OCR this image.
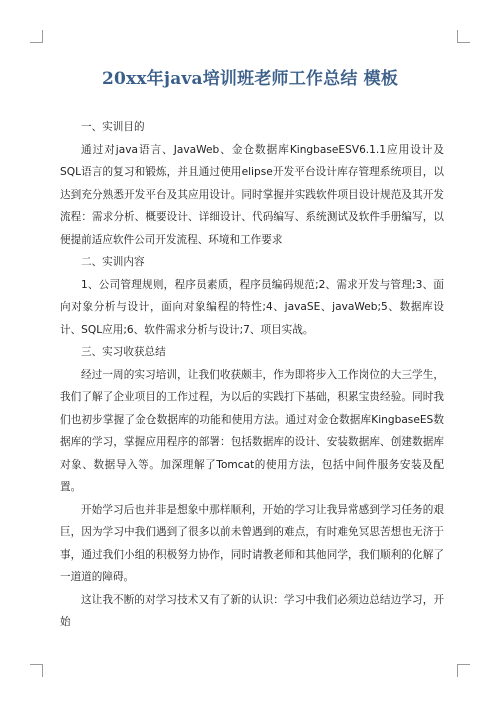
20xx年java培训班老师工作总结 模板

一、实训目的

通过对java语言、JavaWeb、金仓数据库KingbaseESV6.1.1应用设计及SQL语言的复习和锻炼，并且通过使用elipse开发平台设计库存管理系统项目，以达到充分熟悉开发平台及其应用设计。同时掌握并实践软件项目设计规范及其开发流程：需求分析、概要设计、详细设计、代码编写、系统测试及软件手册编写，以便提前适应软件公司开发流程、环境和工作要求

二、实训内容

1、公司管理规则，程序员素质，程序员编码规范;2、需求开发与管理;3、面向对象分析与设计，面向对象编程的特性;4、javaSE、javaWeb;5、数据库设计、SQL应用;6、软件需求分析与设计;7、项目实战。

三、实习收获总结

经过一周的实习培训，让我们收获颇丰，作为即将步入工作岗位的大三学生，我们了解了企业项目的工作过程，为以后的实践打下基础，积累宝贵经验。同时我们也初步掌握了金仓数据库的功能和使用方法。通过对金仓数据库KingbaseES数据库的学习，掌握应用程序的部署：包括数据库的设计、安装数据库、创建数据库对象、数据导入等。加深理解了Tomcat的使用方法，包括中间件服务安装及配置。

开始学习后也并非是想象中那样顺利，开始的学习让我异常感到学习任务的艰巨，因为学习中我们遇到了很多以前未曾遇到的难点，有时难免冥思苦想也无济于事，通过我们小组的积极努力协作，同时请教老师和其他同学，我们顺利的化解了一道道的障碍。

这让我不断的对学习技术又有了新的认识：学习中我们必须边总结边学习，开始
